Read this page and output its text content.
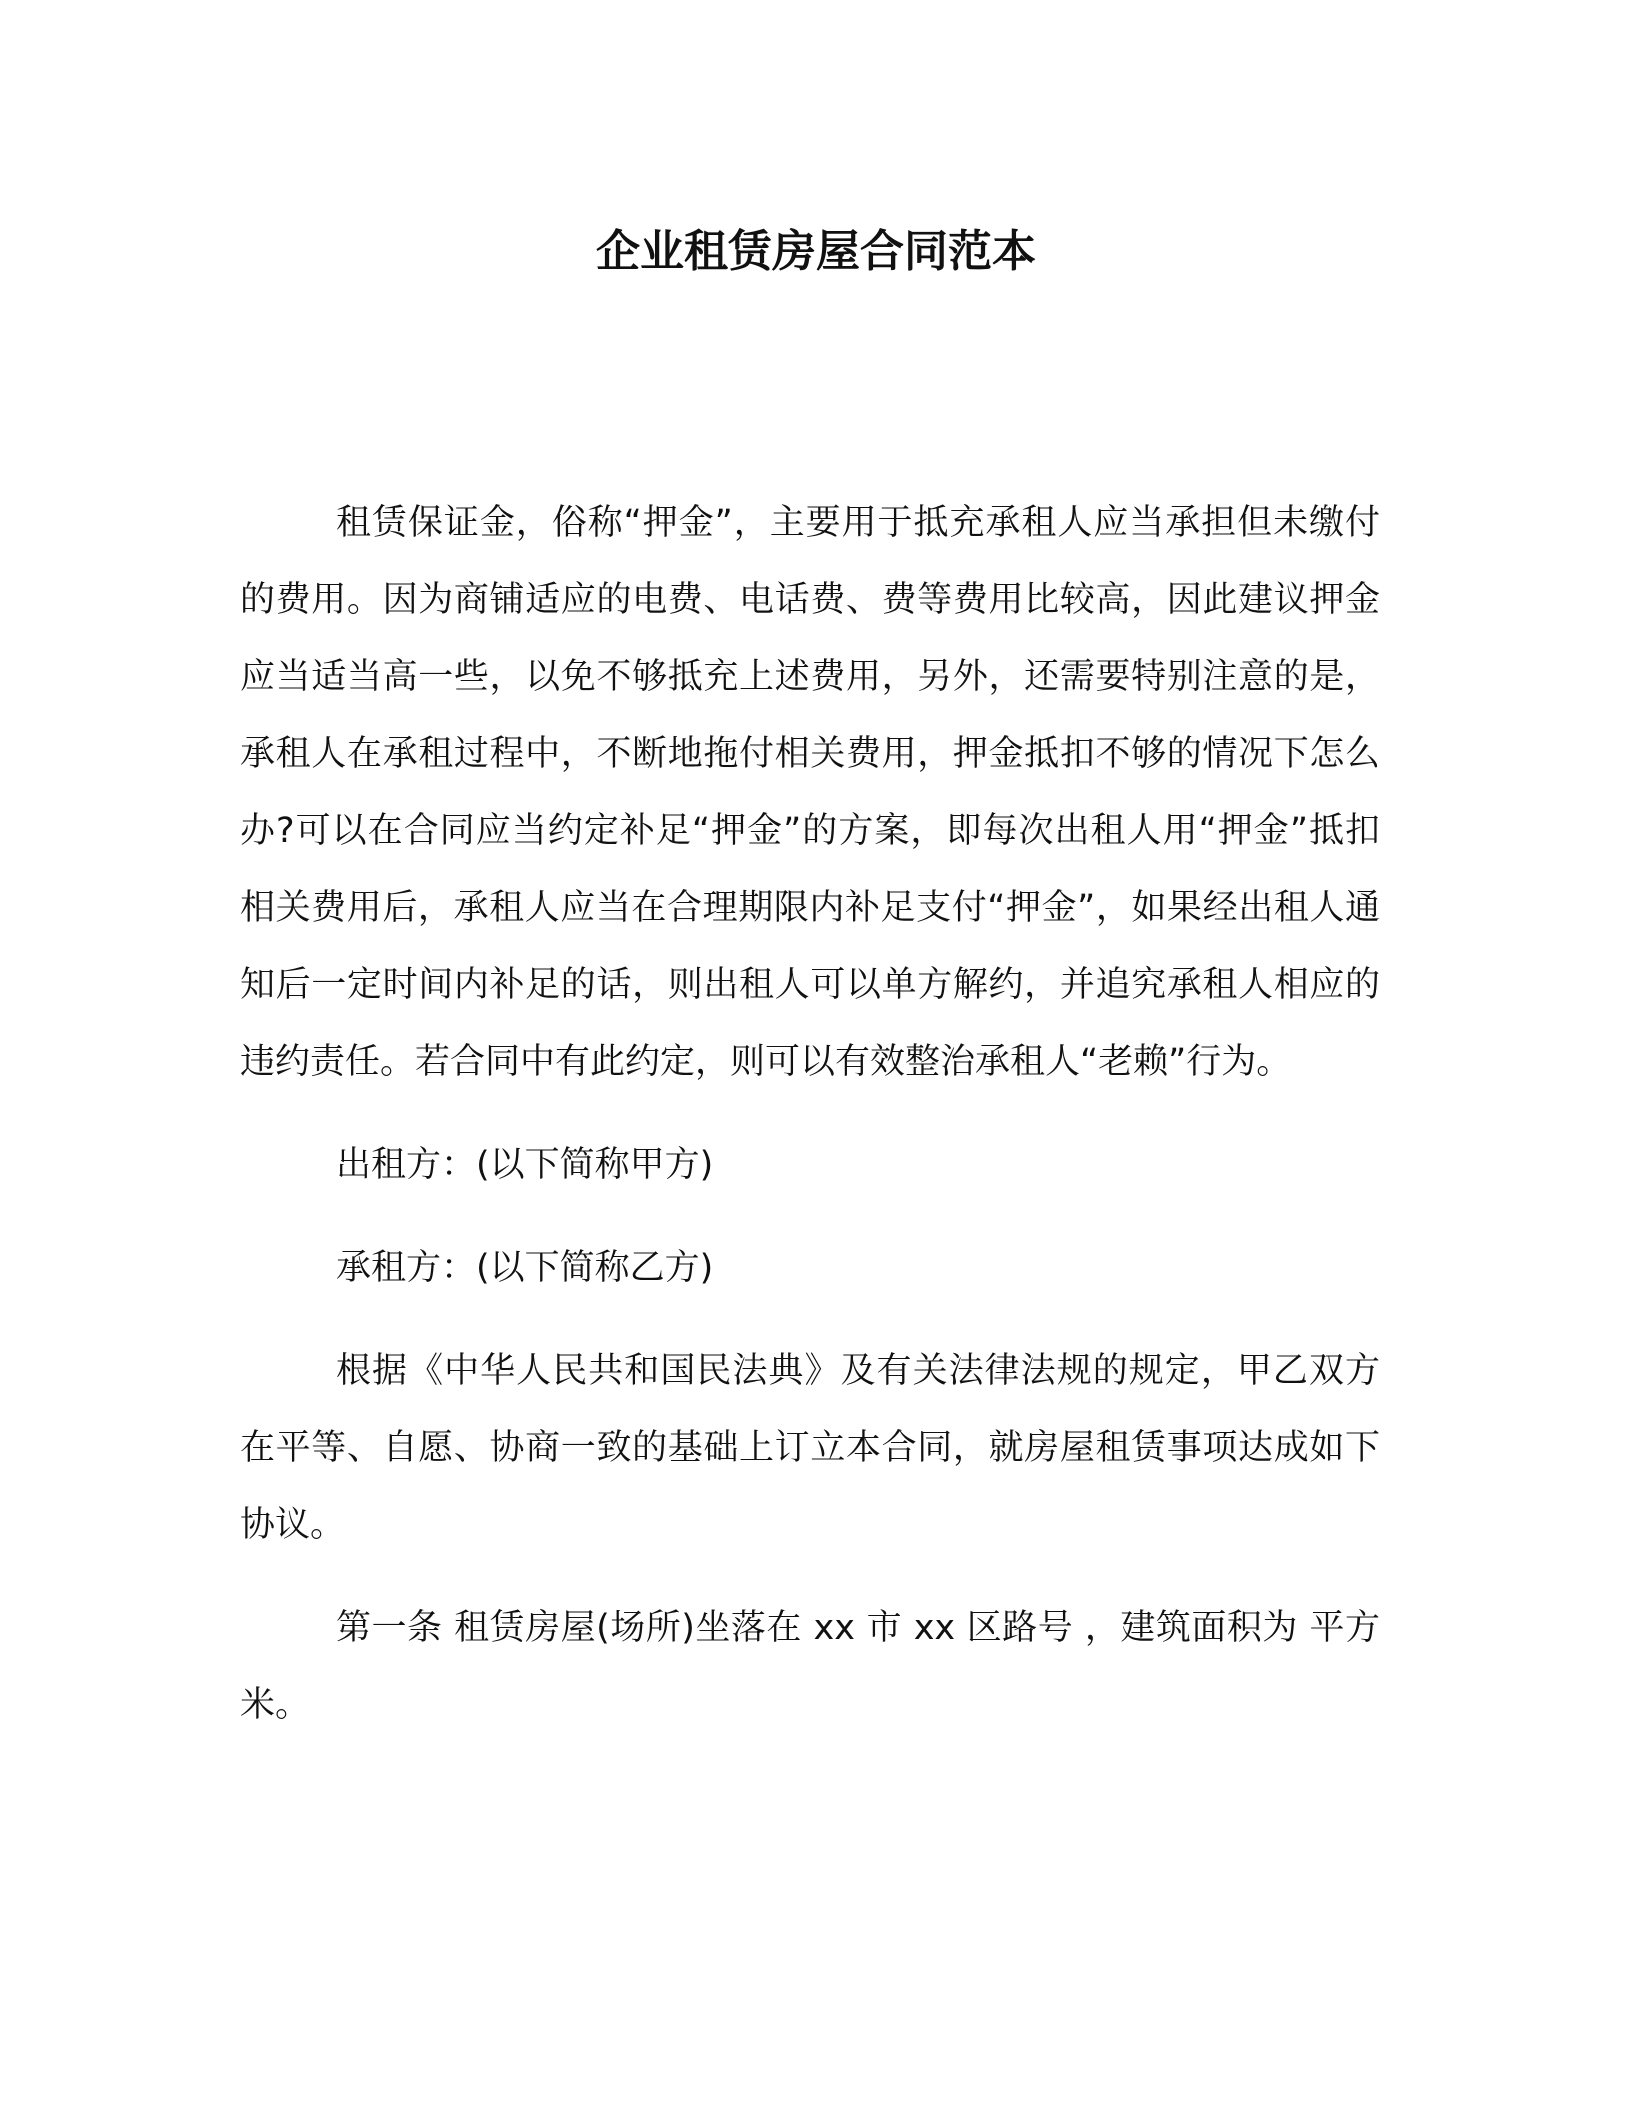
企业租赁房屋合同范本

租赁保证金，俗称“押金”，主要用于抵充承租人应当承担但未缴付的费用。因为商铺适应的电费、电话费、费等费用比较高，因此建议押金应当适当高一些，以免不够抵充上述费用，另外，还需要特别注意的是，承租人在承租过程中，不断地拖付相关费用，押金抵扣不够的情况下怎么办?可以在合同应当约定补足“押金”的方案，即每次出租人用“押金”抵扣相关费用后，承租人应当在合理期限内补足支付“押金”，如果经出租人通知后一定时间内补足的话，则出租人可以单方解约，并追究承租人相应的违约责任。若合同中有此约定，则可以有效整治承租人“老赖”行为。

出租方：(以下简称甲方)

承租方：(以下简称乙方)

根据《中华人民共和国民法典》及有关法律法规的规定，甲乙双方在平等、自愿、协商一致的基础上订立本合同，就房屋租赁事项达成如下协议。

第一条 租赁房屋(场所)坐落在 xx 市 xx 区路号 ，建筑面积为 平方米。
